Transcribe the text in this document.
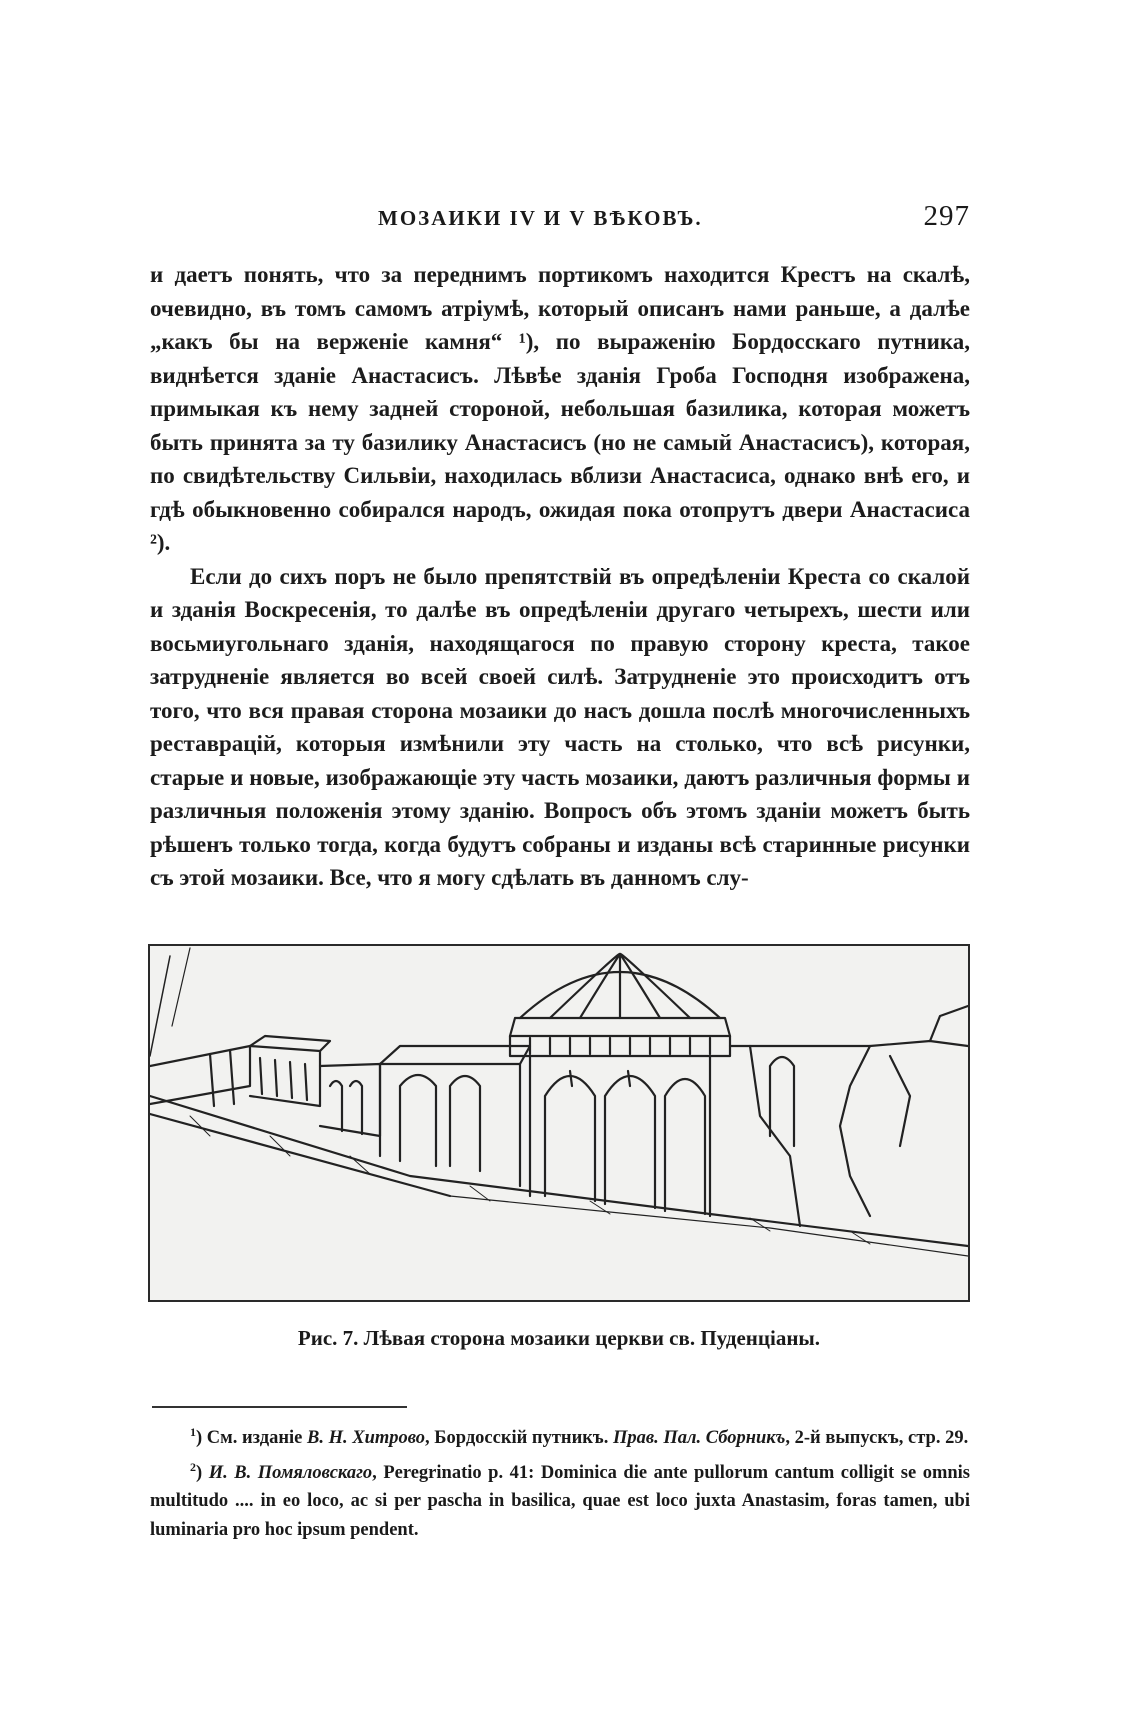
МОЗАИКИ IV И V ВѢКОВЪ.	297

и даетъ понять, что за переднимъ портикомъ находится Крестъ на скалѣ, очевидно, въ томъ самомъ атріумѣ, который описанъ нами раньше, а далѣе „какъ бы на верженіе камня“ ¹), по выраженію Бордосскаго путника, виднѣется зданіе Анастасисъ. Лѣвѣе зданія Гроба Господня изображена, примыкая къ нему задней стороной, небольшая базилика, которая можетъ быть принята за ту базилику Анастасисъ (но не самый Анастасисъ), которая, по свидѣтельству Сильвіи, находилась вблизи Анастасиса, однако внѣ его, и гдѣ обыкновенно собирался народъ, ожидая пока отопрутъ двери Анастасиса ²).

Если до сихъ поръ не было препятствій въ опредѣленіи Креста со скалой и зданія Воскресенія, то далѣе въ опредѣленіи другаго четырехъ, шести или восьмиугольнаго зданія, находящагося по правую сторону креста, такое затрудненіе является во всей своей силѣ. Затрудненіе это происходитъ отъ того, что вся правая сторона мозаики до насъ дошла послѣ многочисленныхъ реставрацій, которыя измѣнили эту часть на столько, что всѣ рисунки, старые и новые, изображающіе эту часть мозаики, даютъ различныя формы и различныя положенія этому зданію. Вопросъ объ этомъ зданіи можетъ быть рѣшенъ только тогда, когда будутъ собраны и изданы всѣ старинные рисунки съ этой мозаики. Все, что я могу сдѣлать въ данномъ слу-

Рис. 7. Лѣвая сторона мозаики церкви св. Пуденціаны.

$^1$) См. изданіе В. Н. Хитрово, Бордосскій путникъ. Прав. Пал. Сборникъ, 2-й выпускъ, стр. 29.

$^2$) И. В. Помяловскаго, Peregrinatio p. 41: Dominica die ante pullorum cantum colligit se omnis multitudo .... in eo loco, ac si per pascha in basilica, quae est loco juxta Anastasim, foras tamen, ubi luminaria pro hoc ipsum pendent.
